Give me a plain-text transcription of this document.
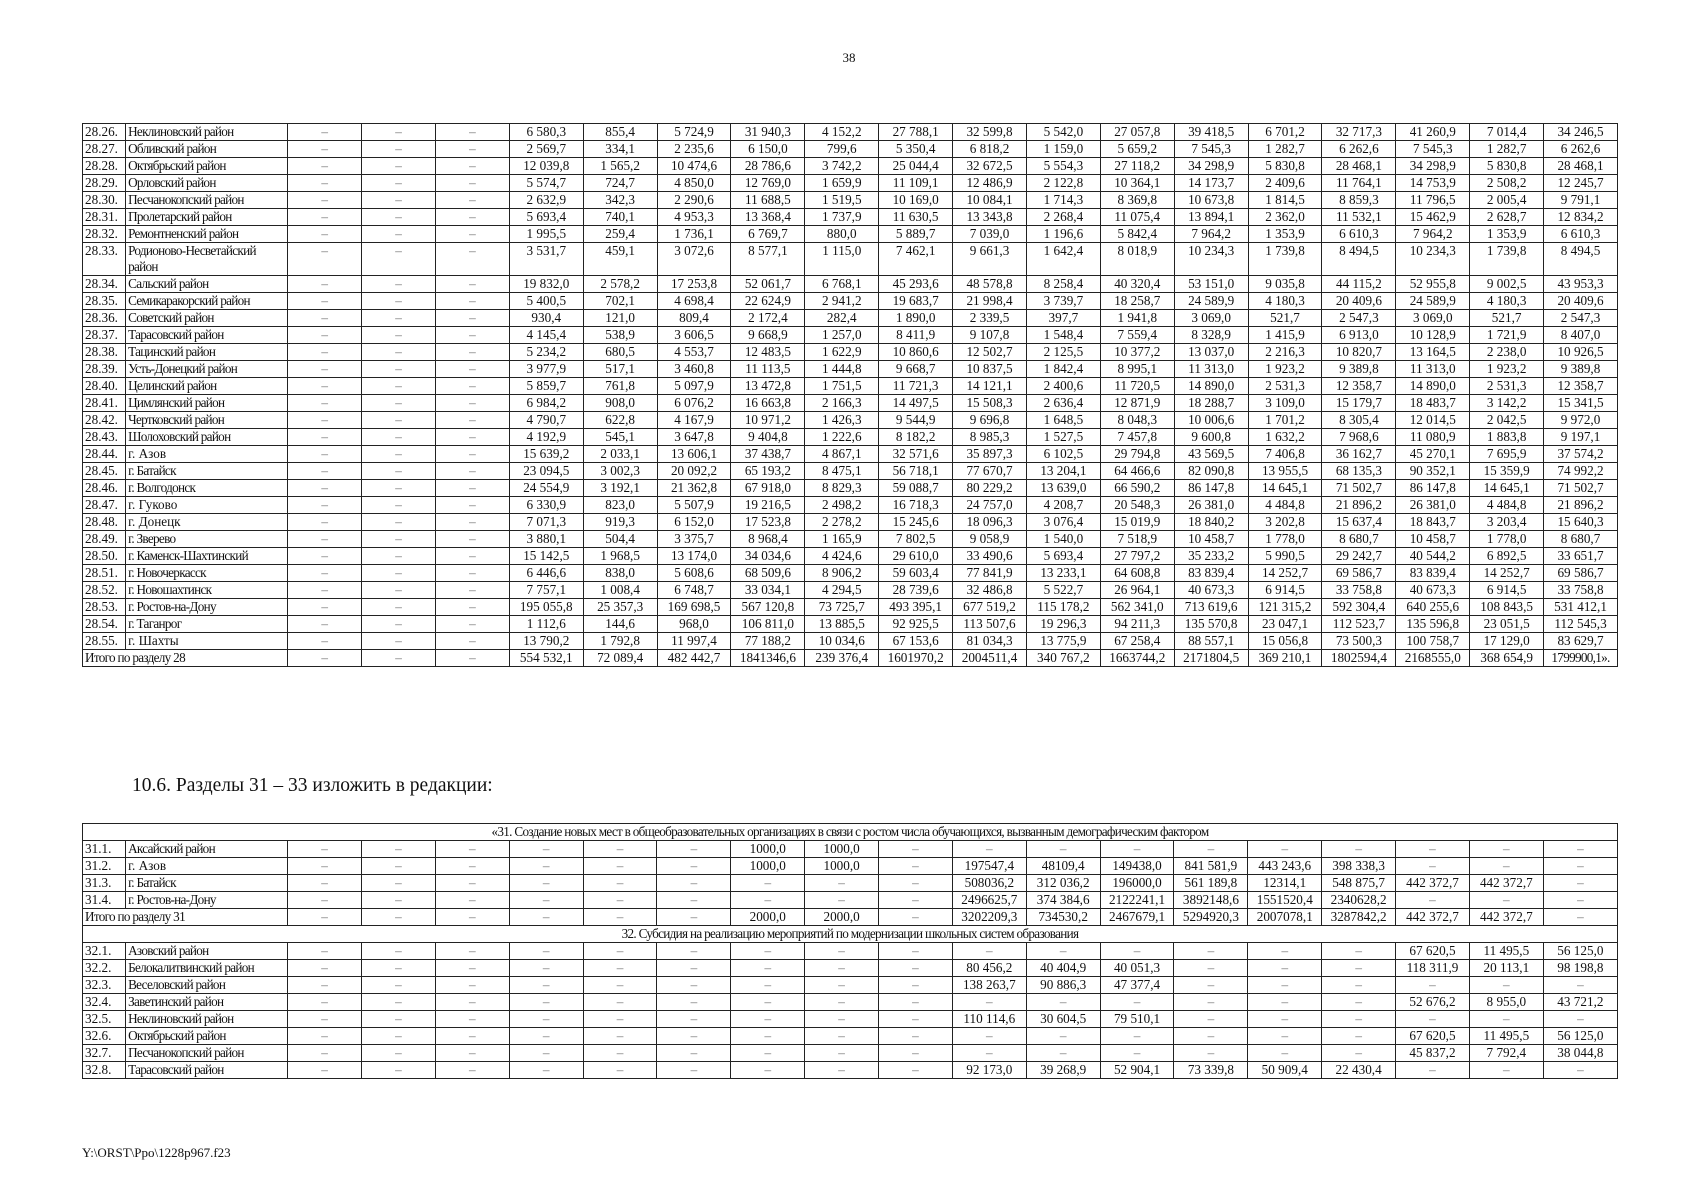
38
28.26.	Неклиновский район	–	–	–	6 580,3	855,4	5 724,9	31 940,3	4 152,2	27 788,1	32 599,8	5 542,0	27 057,8	39 418,5	6 701,2	32 717,3	41 260,9	7 014,4	34 246,5
28.27.	Обливский район	–	–	–	2 569,7	334,1	2 235,6	6 150,0	799,6	5 350,4	6 818,2	1 159,0	5 659,2	7 545,3	1 282,7	6 262,6	7 545,3	1 282,7	6 262,6
28.28.	Октябрьский район	–	–	–	12 039,8	1 565,2	10 474,6	28 786,6	3 742,2	25 044,4	32 672,5	5 554,3	27 118,2	34 298,9	5 830,8	28 468,1	34 298,9	5 830,8	28 468,1
28.29.	Орловский район	–	–	–	5 574,7	724,7	4 850,0	12 769,0	1 659,9	11 109,1	12 486,9	2 122,8	10 364,1	14 173,7	2 409,6	11 764,1	14 753,9	2 508,2	12 245,7
28.30.	Песчанокопский район	–	–	–	2 632,9	342,3	2 290,6	11 688,5	1 519,5	10 169,0	10 084,1	1 714,3	8 369,8	10 673,8	1 814,5	8 859,3	11 796,5	2 005,4	9 791,1
28.31.	Пролетарский район	–	–	–	5 693,4	740,1	4 953,3	13 368,4	1 737,9	11 630,5	13 343,8	2 268,4	11 075,4	13 894,1	2 362,0	11 532,1	15 462,9	2 628,7	12 834,2
28.32.	Ремонтненский район	–	–	–	1 995,5	259,4	1 736,1	6 769,7	880,0	5 889,7	7 039,0	1 196,6	5 842,4	7 964,2	1 353,9	6 610,3	7 964,2	1 353,9	6 610,3
28.33.	Родионово-Несветайский район	–	–	–	3 531,7	459,1	3 072,6	8 577,1	1 115,0	7 462,1	9 661,3	1 642,4	8 018,9	10 234,3	1 739,8	8 494,5	10 234,3	1 739,8	8 494,5
28.34.	Сальский район	–	–	–	19 832,0	2 578,2	17 253,8	52 061,7	6 768,1	45 293,6	48 578,8	8 258,4	40 320,4	53 151,0	9 035,8	44 115,2	52 955,8	9 002,5	43 953,3
28.35.	Семикаракорский район	–	–	–	5 400,5	702,1	4 698,4	22 624,9	2 941,2	19 683,7	21 998,4	3 739,7	18 258,7	24 589,9	4 180,3	20 409,6	24 589,9	4 180,3	20 409,6
28.36.	Советский район	–	–	–	930,4	121,0	809,4	2 172,4	282,4	1 890,0	2 339,5	397,7	1 941,8	3 069,0	521,7	2 547,3	3 069,0	521,7	2 547,3
28.37.	Тарасовский район	–	–	–	4 145,4	538,9	3 606,5	9 668,9	1 257,0	8 411,9	9 107,8	1 548,4	7 559,4	8 328,9	1 415,9	6 913,0	10 128,9	1 721,9	8 407,0
28.38.	Тацинский район	–	–	–	5 234,2	680,5	4 553,7	12 483,5	1 622,9	10 860,6	12 502,7	2 125,5	10 377,2	13 037,0	2 216,3	10 820,7	13 164,5	2 238,0	10 926,5
28.39.	Усть-Донецкий район	–	–	–	3 977,9	517,1	3 460,8	11 113,5	1 444,8	9 668,7	10 837,5	1 842,4	8 995,1	11 313,0	1 923,2	9 389,8	11 313,0	1 923,2	9 389,8
28.40.	Целинский район	–	–	–	5 859,7	761,8	5 097,9	13 472,8	1 751,5	11 721,3	14 121,1	2 400,6	11 720,5	14 890,0	2 531,3	12 358,7	14 890,0	2 531,3	12 358,7
28.41.	Цимлянский район	–	–	–	6 984,2	908,0	6 076,2	16 663,8	2 166,3	14 497,5	15 508,3	2 636,4	12 871,9	18 288,7	3 109,0	15 179,7	18 483,7	3 142,2	15 341,5
28.42.	Чертковский район	–	–	–	4 790,7	622,8	4 167,9	10 971,2	1 426,3	9 544,9	9 696,8	1 648,5	8 048,3	10 006,6	1 701,2	8 305,4	12 014,5	2 042,5	9 972,0
28.43.	Шолоховский район	–	–	–	4 192,9	545,1	3 647,8	9 404,8	1 222,6	8 182,2	8 985,3	1 527,5	7 457,8	9 600,8	1 632,2	7 968,6	11 080,9	1 883,8	9 197,1
28.44.	г. Азов	–	–	–	15 639,2	2 033,1	13 606,1	37 438,7	4 867,1	32 571,6	35 897,3	6 102,5	29 794,8	43 569,5	7 406,8	36 162,7	45 270,1	7 695,9	37 574,2
28.45.	г. Батайск	–	–	–	23 094,5	3 002,3	20 092,2	65 193,2	8 475,1	56 718,1	77 670,7	13 204,1	64 466,6	82 090,8	13 955,5	68 135,3	90 352,1	15 359,9	74 992,2
28.46.	г. Волгодонск	–	–	–	24 554,9	3 192,1	21 362,8	67 918,0	8 829,3	59 088,7	80 229,2	13 639,0	66 590,2	86 147,8	14 645,1	71 502,7	86 147,8	14 645,1	71 502,7
28.47.	г. Гуково	–	–	–	6 330,9	823,0	5 507,9	19 216,5	2 498,2	16 718,3	24 757,0	4 208,7	20 548,3	26 381,0	4 484,8	21 896,2	26 381,0	4 484,8	21 896,2
28.48.	г. Донецк	–	–	–	7 071,3	919,3	6 152,0	17 523,8	2 278,2	15 245,6	18 096,3	3 076,4	15 019,9	18 840,2	3 202,8	15 637,4	18 843,7	3 203,4	15 640,3
28.49.	г. Зверево	–	–	–	3 880,1	504,4	3 375,7	8 968,4	1 165,9	7 802,5	9 058,9	1 540,0	7 518,9	10 458,7	1 778,0	8 680,7	10 458,7	1 778,0	8 680,7
28.50.	г. Каменск-Шахтинский	–	–	–	15 142,5	1 968,5	13 174,0	34 034,6	4 424,6	29 610,0	33 490,6	5 693,4	27 797,2	35 233,2	5 990,5	29 242,7	40 544,2	6 892,5	33 651,7
28.51.	г. Новочеркасск	–	–	–	6 446,6	838,0	5 608,6	68 509,6	8 906,2	59 603,4	77 841,9	13 233,1	64 608,8	83 839,4	14 252,7	69 586,7	83 839,4	14 252,7	69 586,7
28.52.	г. Новошахтинск	–	–	–	7 757,1	1 008,4	6 748,7	33 034,1	4 294,5	28 739,6	32 486,8	5 522,7	26 964,1	40 673,3	6 914,5	33 758,8	40 673,3	6 914,5	33 758,8
28.53.	г. Ростов-на-Дону	–	–	–	195 055,8	25 357,3	169 698,5	567 120,8	73 725,7	493 395,1	677 519,2	115 178,2	562 341,0	713 619,6	121 315,2	592 304,4	640 255,6	108 843,5	531 412,1
28.54.	г. Таганрог	–	–	–	1 112,6	144,6	968,0	106 811,0	13 885,5	92 925,5	113 507,6	19 296,3	94 211,3	135 570,8	23 047,1	112 523,7	135 596,8	23 051,5	112 545,3
28.55.	г. Шахты	–	–	–	13 790,2	1 792,8	11 997,4	77 188,2	10 034,6	67 153,6	81 034,3	13 775,9	67 258,4	88 557,1	15 056,8	73 500,3	100 758,7	17 129,0	83 629,7
Итого по разделу 28		–	–	–	554 532,1	72 089,4	482 442,7	1841346,6	239 376,4	1601970,2	2004511,4	340 767,2	1663744,2	2171804,5	369 210,1	1802594,4	2168555,0	368 654,9	1799900,1».
10.6. Разделы 31 – 33 изложить в редакции:
«31. Создание новых мест в общеобразовательных организациях в связи с ростом числа обучающихся, вызванным демографическим фактором																			
31.1.	Аксайский район	–	–	–	–	–	–	1000,0	1000,0	–	–	–	–	–	–	–	–	–	–
31.2.	г. Азов	–	–	–	–	–	–	1000,0	1000,0	–	197547,4	48109,4	149438,0	841 581,9	443 243,6	398 338,3	–	–	–
31.3.	г. Батайск	–	–	–	–	–	–	–	–	–	508036,2	312 036,2	196000,0	561 189,8	12314,1	548 875,7	442 372,7	442 372,7	–
31.4.	г. Ростов-на-Дону	–	–	–	–	–	–	–	–	–	2496625,7	374 384,6	2122241,1	3892148,6	1551520,4	2340628,2	–	–	–
Итого по разделу 31		–	–	–	–	–	–	2000,0	2000,0	–	3202209,3	734530,2	2467679,1	5294920,3	2007078,1	3287842,2	442 372,7	442 372,7	–
32. Субсидия на реализацию мероприятий по модернизации школьных систем образования																			
32.1.	Азовский район	–	–	–	–	–	–	–	–	–	–	–	–	–	–	–	67 620,5	11 495,5	56 125,0
32.2.	Белокалитвинский район	–	–	–	–	–	–	–	–	–	80 456,2	40 404,9	40 051,3	–	–	–	118 311,9	20 113,1	98 198,8
32.3.	Веселовский район	–	–	–	–	–	–	–	–	–	138 263,7	90 886,3	47 377,4	–	–	–	–	–	–
32.4.	Заветинский район	–	–	–	–	–	–	–	–	–	–	–	–	–	–	–	52 676,2	8 955,0	43 721,2
32.5.	Неклиновский район	–	–	–	–	–	–	–	–	–	110 114,6	30 604,5	79 510,1	–	–	–	–	–	–
32.6.	Октябрьский район	–	–	–	–	–	–	–	–	–	–	–	–	–	–	–	67 620,5	11 495,5	56 125,0
32.7.	Песчанокопский район	–	–	–	–	–	–	–	–	–	–	–	–	–	–	–	45 837,2	7 792,4	38 044,8
32.8.	Тарасовский район	–	–	–	–	–	–	–	–	–	92 173,0	39 268,9	52 904,1	73 339,8	50 909,4	22 430,4	–	–	–
Y:\ORST\Ppo\1228p967.f23
